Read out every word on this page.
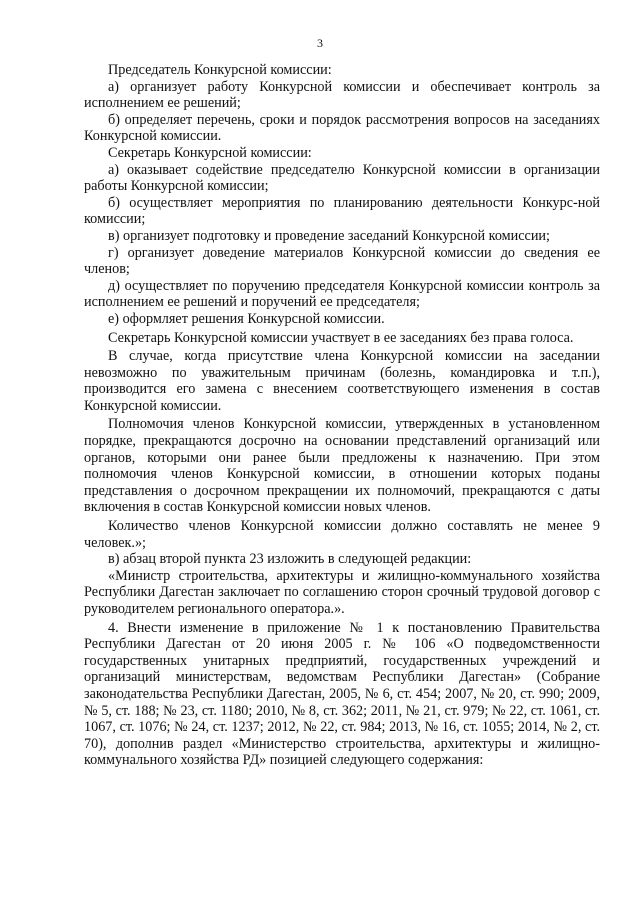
3

Председатель Конкурсной комиссии:

а) организует работу Конкурсной комиссии и обеспечивает контроль за исполнением ее решений;

б) определяет перечень, сроки и порядок рассмотрения вопросов на заседаниях Конкурсной комиссии.

Секретарь Конкурсной комиссии:

а) оказывает содействие председателю Конкурсной комиссии в организации работы Конкурсной комиссии;

б) осуществляет мероприятия по планированию деятельности Конкурс-ной комиссии;

в) организует подготовку и проведение заседаний Конкурсной комиссии;

г) организует доведение материалов Конкурсной комиссии до сведения ее членов;

д) осуществляет по поручению председателя Конкурсной комиссии контроль за исполнением ее решений и поручений ее председателя;

е) оформляет решения Конкурсной комиссии.

Секретарь Конкурсной комиссии участвует в ее заседаниях без права голоса.

В случае, когда присутствие члена Конкурсной комиссии на заседании невозможно по уважительным причинам (болезнь, командировка и т.п.), производится его замена с внесением соответствующего изменения в состав Конкурсной комиссии.

Полномочия членов Конкурсной комиссии, утвержденных в установленном порядке, прекращаются досрочно на основании представлений организаций или органов, которыми они ранее были предложены к назначению. При этом полномочия членов Конкурсной комиссии, в отношении которых поданы представления о досрочном прекращении их полномочий, прекращаются с даты включения в состав Конкурсной комиссии новых членов.

Количество членов Конкурсной комиссии должно составлять не менее 9 человек.»;

в) абзац второй пункта 23 изложить в следующей редакции:

«Министр строительства, архитектуры и жилищно-коммунального хозяйства Республики Дагестан заключает по соглашению сторон срочный трудовой договор с руководителем регионального оператора.».

4. Внести изменение в приложение № 1 к постановлению Правительства Республики Дагестан от 20 июня 2005 г. № 106 «О подведомственности государственных унитарных предприятий, государственных учреждений и организаций министерствам, ведомствам Республики Дагестан» (Собрание законодательства Республики Дагестан, 2005, № 6, ст. 454; 2007, № 20, ст. 990; 2009, № 5, ст. 188; № 23, ст. 1180; 2010, № 8, ст. 362; 2011, № 21, ст. 979; № 22, ст. 1061, ст. 1067, ст. 1076; № 24, ст. 1237; 2012, № 22, ст. 984; 2013, № 16, ст. 1055; 2014, № 2, ст. 70), дополнив раздел «Министерство строительства, архитектуры и жилищно-коммунального хозяйства РД» позицией следующего содержания:
